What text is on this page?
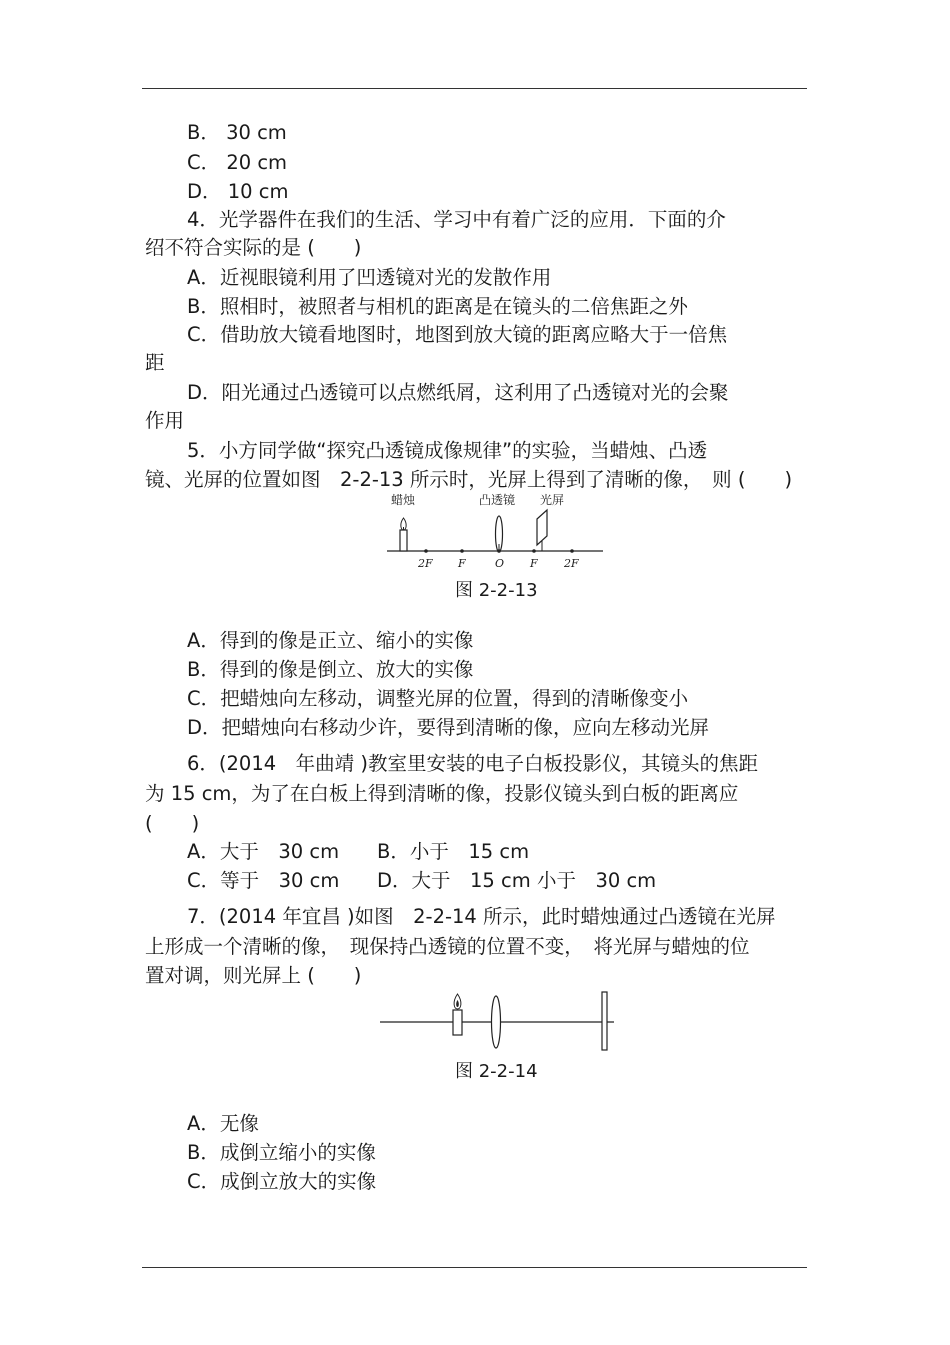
B． 30 cm
C． 20 cm
D． 10 cm
4．光学器件在我们的生活、学习中有着广泛的应用．下面的介
绍不符合实际的是 (　　)
A．近视眼镜利用了凹透镜对光的发散作用
B．照相时，被照者与相机的距离是在镜头的二倍焦距之外
C．借助放大镜看地图时，地图到放大镜的距离应略大于一倍焦
距
D．阳光通过凸透镜可以点燃纸屑，这利用了凸透镜对光的会聚
作用
5．小方同学做“探究凸透镜成像规律”的实验，当蜡烛、凸透
镜、光屏的位置如图　2-2-13 所示时，光屏上得到了清晰的像，　则 (　　)
蜡烛	凸透镜 光屏
2F F	O F 2F
图 2-2-13
A．得到的像是正立、缩小的实像
B．得到的像是倒立、放大的实像
C．把蜡烛向左移动，调整光屏的位置，得到的清晰像变小
D．把蜡烛向右移动少许，要得到清晰的像，应向左移动光屏
6．(2014　年曲靖 )教室里安装的电子白板投影仪，其镜头的焦距
为 15 cm，为了在白板上得到清晰的像，投影仪镜头到白板的距离应
(　　)
A．大于　30 cm B．小于　15 cm
C．等于　30 cm D．大于　15 cm 小于　30 cm
7．(2014 年宜昌 )如图　2-2-14 所示，此时蜡烛通过凸透镜在光屏
上形成一个清晰的像，　现保持凸透镜的位置不变，　将光屏与蜡烛的位
置对调，则光屏上 (　　)
图 2-2-14
A．无像
B．成倒立缩小的实像
C．成倒立放大的实像
